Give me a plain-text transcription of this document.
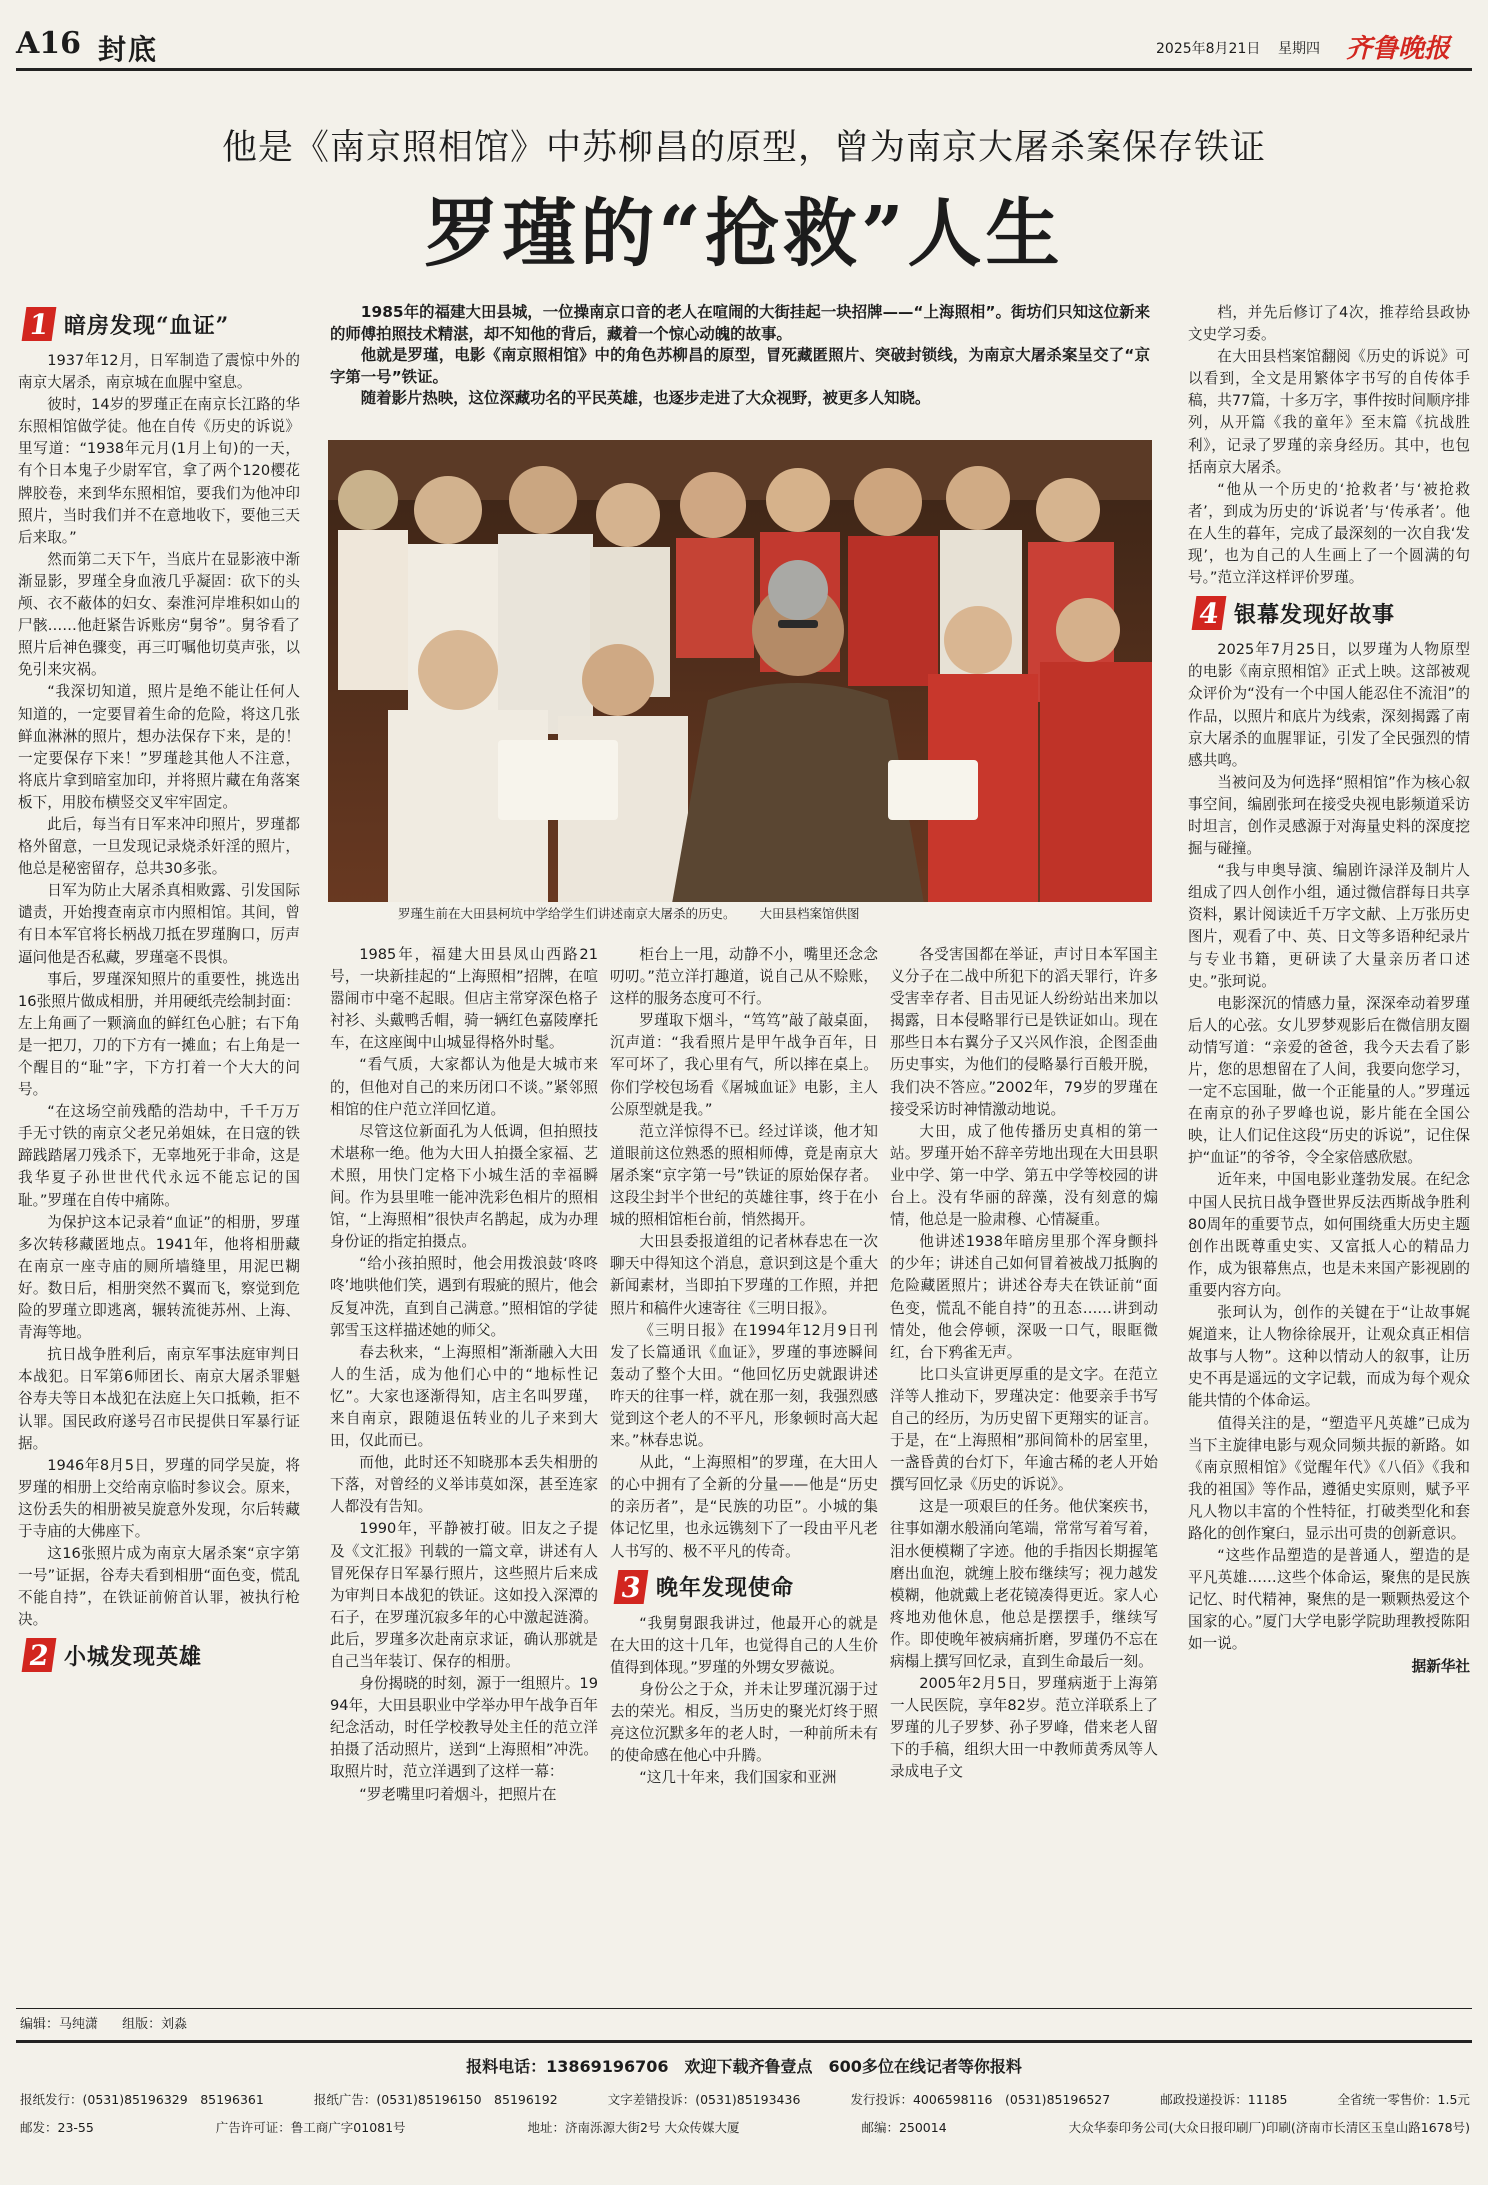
A16 封底	2025年8月21日 星期四 齐鲁晚报
他是《南京照相馆》中苏柳昌的原型，曾为南京大屠杀案保存铁证
罗瑾的“抢救”人生
1 暗房发现“血证”

1937年12月，日军制造了震惊中外的南京大屠杀，南京城在血腥中窒息。

彼时，14岁的罗瑾正在南京长江路的华东照相馆做学徒。他在自传《历史的诉说》里写道：“1938年元月(1月上旬)的一天，有个日本鬼子少尉军官，拿了两个120樱花牌胶卷，来到华东照相馆，要我们为他冲印照片，当时我们并不在意地收下，要他三天后来取。”

然而第二天下午，当底片在显影液中渐渐显影，罗瑾全身血液几乎凝固：砍下的头颅、衣不蔽体的妇女、秦淮河岸堆积如山的尸骸……他赶紧告诉账房“舅爷”。舅爷看了照片后神色骤变，再三叮嘱他切莫声张，以免引来灾祸。

“我深切知道，照片是绝不能让任何人知道的，一定要冒着生命的危险，将这几张鲜血淋淋的照片，想办法保存下来，是的！一定要保存下来！”罗瑾趁其他人不注意，将底片拿到暗室加印，并将照片藏在角落案板下，用胶布横竖交叉牢牢固定。

此后，每当有日军来冲印照片，罗瑾都格外留意，一旦发现记录烧杀奸淫的照片，他总是秘密留存，总共30多张。

日军为防止大屠杀真相败露、引发国际谴责，开始搜查南京市内照相馆。其间，曾有日本军官将长柄战刀抵在罗瑾胸口，厉声逼问他是否私藏，罗瑾毫不畏惧。

事后，罗瑾深知照片的重要性，挑选出16张照片做成相册，并用硬纸壳绘制封面：左上角画了一颗滴血的鲜红色心脏；右下角是一把刀，刀的下方有一摊血；右上角是一个醒目的“耻”字，下方打着一个大大的问号。

“在这场空前残酷的浩劫中，千千万万手无寸铁的南京父老兄弟姐妹，在日寇的铁蹄践踏屠刀残杀下，无辜地死于非命，这是我华夏子孙世世代代永远不能忘记的国耻。”罗瑾在自传中痛陈。

为保护这本记录着“血证”的相册，罗瑾多次转移藏匿地点。1941年，他将相册藏在南京一座寺庙的厕所墙缝里，用泥巴糊好。数日后，相册突然不翼而飞，察觉到危险的罗瑾立即逃离，辗转流徙苏州、上海、青海等地。

抗日战争胜利后，南京军事法庭审判日本战犯。日军第6师团长、南京大屠杀罪魁谷寿夫等日本战犯在法庭上矢口抵赖，拒不认罪。国民政府遂号召市民提供日军暴行证据。

1946年8月5日，罗瑾的同学吴旋，将罗瑾的相册上交给南京临时参议会。原来，这份丢失的相册被吴旋意外发现，尔后转藏于寺庙的大佛座下。

这16张照片成为南京大屠杀案“京字第一号”证据，谷寿夫看到相册“面色变，慌乱不能自持”，在铁证前俯首认罪，被执行枪决。

2 小城发现英雄

1985年的福建大田县城，一位操南京口音的老人在喧闹的大街挂起一块招牌——“上海照相”。街坊们只知这位新来的师傅拍照技术精湛，却不知他的背后，藏着一个惊心动魄的故事。

他就是罗瑾，电影《南京照相馆》中的角色苏柳昌的原型，冒死藏匿照片、突破封锁线，为南京大屠杀案呈交了“京字第一号”铁证。

随着影片热映，这位深藏功名的平民英雄，也逐步走进了大众视野，被更多人知晓。

罗瑾生前在大田县柯坑中学给学生们讲述南京大屠杀的历史。 大田县档案馆供图

1985年，福建大田县凤山西路21号，一块新挂起的“上海照相”招牌，在喧嚣闹市中毫不起眼。但店主常穿深色格子衬衫、头戴鸭舌帽，骑一辆红色嘉陵摩托车，在这座闽中山城显得格外时髦。

“看气质，大家都认为他是大城市来的，但他对自己的来历闭口不谈。”紧邻照相馆的住户范立洋回忆道。

尽管这位新面孔为人低调，但拍照技术堪称一绝。他为大田人拍摄全家福、艺术照，用快门定格下小城生活的幸福瞬间。作为县里唯一能冲洗彩色相片的照相馆，“上海照相”很快声名鹊起，成为办理身份证的指定拍摄点。

“给小孩拍照时，他会用拨浪鼓‘咚咚咚’地哄他们笑，遇到有瑕疵的照片，他会反复冲洗，直到自己满意。”照相馆的学徒郭雪玉这样描述她的师父。

春去秋来，“上海照相”渐渐融入大田人的生活，成为他们心中的“地标性记忆”。大家也逐渐得知，店主名叫罗瑾，来自南京，跟随退伍转业的儿子来到大田，仅此而已。

而他，此时还不知晓那本丢失相册的下落，对曾经的义举讳莫如深，甚至连家人都没有告知。

1990年，平静被打破。旧友之子提及《文汇报》刊载的一篇文章，讲述有人冒死保存日军暴行照片，这些照片后来成为审判日本战犯的铁证。这如投入深潭的石子，在罗瑾沉寂多年的心中激起涟漪。此后，罗瑾多次赴南京求证，确认那就是自己当年装订、保存的相册。

身份揭晓的时刻，源于一组照片。1994年，大田县职业中学举办甲午战争百年纪念活动，时任学校教导处主任的范立洋拍摄了活动照片，送到“上海照相”冲洗。取照片时，范立洋遇到了这样一幕：

“罗老嘴里叼着烟斗，把照片在

柜台上一甩，动静不小，嘴里还念念叨叨。”范立洋打趣道，说自己从不赊账，这样的服务态度可不行。

罗瑾取下烟斗，“笃笃”敲了敲桌面，沉声道：“我看照片是甲午战争百年，日军可坏了，我心里有气，所以摔在桌上。你们学校包场看《屠城血证》电影，主人公原型就是我。”

范立洋惊得不已。经过详谈，他才知道眼前这位熟悉的照相师傅，竟是南京大屠杀案“京字第一号”铁证的原始保存者。这段尘封半个世纪的英雄往事，终于在小城的照相馆柜台前，悄然揭开。

大田县委报道组的记者林春忠在一次聊天中得知这个消息，意识到这是个重大新闻素材，当即拍下罗瑾的工作照，并把照片和稿件火速寄往《三明日报》。

《三明日报》在1994年12月9日刊发了长篇通讯《血证》，罗瑾的事迹瞬间轰动了整个大田。“他回忆历史就跟讲述昨天的往事一样，就在那一刻，我强烈感觉到这个老人的不平凡，形象顿时高大起来。”林春忠说。

从此，“上海照相”的罗瑾，在大田人的心中拥有了全新的分量——他是“历史的亲历者”，是“民族的功臣”。小城的集体记忆里，也永远镌刻下了一段由平凡老人书写的、极不平凡的传奇。

3 晚年发现使命

“我舅舅跟我讲过，他最开心的就是在大田的这十几年，也觉得自己的人生价值得到体现。”罗瑾的外甥女罗薇说。

身份公之于众，并未让罗瑾沉溺于过去的荣光。相反，当历史的聚光灯终于照亮这位沉默多年的老人时，一种前所未有的使命感在他心中升腾。

“这几十年来，我们国家和亚洲

各受害国都在举证，声讨日本军国主义分子在二战中所犯下的滔天罪行，许多受害幸存者、目击见证人纷纷站出来加以揭露，日本侵略罪行已是铁证如山。现在那些日本右翼分子又兴风作浪，企图歪曲历史事实，为他们的侵略暴行百般开脱，我们决不答应。”2002年，79岁的罗瑾在接受采访时神情激动地说。

大田，成了他传播历史真相的第一站。罗瑾开始不辞辛劳地出现在大田县职业中学、第一中学、第五中学等校园的讲台上。没有华丽的辞藻，没有刻意的煽情，他总是一脸肃穆、心情凝重。

他讲述1938年暗房里那个浑身颤抖的少年；讲述自己如何冒着被战刀抵胸的危险藏匿照片；讲述谷寿夫在铁证前“面色变，慌乱不能自持”的丑态……讲到动情处，他会停顿，深吸一口气，眼眶微红，台下鸦雀无声。

比口头宣讲更厚重的是文字。在范立洋等人推动下，罗瑾决定：他要亲手书写自己的经历，为历史留下更翔实的证言。于是，在“上海照相”那间简朴的居室里，一盏昏黄的台灯下，年逾古稀的老人开始撰写回忆录《历史的诉说》。

这是一项艰巨的任务。他伏案疾书，往事如潮水般涌向笔端，常常写着写着，泪水便模糊了字迹。他的手指因长期握笔磨出血泡，就缠上胶布继续写；视力越发模糊，他就戴上老花镜凑得更近。家人心疼地劝他休息，他总是摆摆手，继续写作。即使晚年被病痛折磨，罗瑾仍不忘在病榻上撰写回忆录，直到生命最后一刻。

2005年2月5日，罗瑾病逝于上海第一人民医院，享年82岁。范立洋联系上了罗瑾的儿子罗梦、孙子罗峰，借来老人留下的手稿，组织大田一中教师黄秀凤等人录成电子文

档，并先后修订了4次，推荐给县政协文史学习委。

在大田县档案馆翻阅《历史的诉说》可以看到，全文是用繁体字书写的自传体手稿，共77篇，十多万字，事件按时间顺序排列，从开篇《我的童年》至末篇《抗战胜利》，记录了罗瑾的亲身经历。其中，也包括南京大屠杀。

“他从一个历史的‘抢救者’与‘被抢救者’，到成为历史的‘诉说者’与‘传承者’。他在人生的暮年，完成了最深刻的一次自我‘发现’，也为自己的人生画上了一个圆满的句号。”范立洋这样评价罗瑾。

4 银幕发现好故事

2025年7月25日，以罗瑾为人物原型的电影《南京照相馆》正式上映。这部被观众评价为“没有一个中国人能忍住不流泪”的作品，以照片和底片为线索，深刻揭露了南京大屠杀的血腥罪证，引发了全民强烈的情感共鸣。

当被问及为何选择“照相馆”作为核心叙事空间，编剧张珂在接受央视电影频道采访时坦言，创作灵感源于对海量史料的深度挖掘与碰撞。

“我与申奥导演、编剧许渌洋及制片人组成了四人创作小组，通过微信群每日共享资料，累计阅读近千万字文献、上万张历史图片，观看了中、英、日文等多语种纪录片与专业书籍，更研读了大量亲历者口述史。”张珂说。

电影深沉的情感力量，深深牵动着罗瑾后人的心弦。女儿罗梦观影后在微信朋友圈动情写道：“亲爱的爸爸，我今天去看了影片，您的思想留在了人间，我要向您学习，一定不忘国耻，做一个正能量的人。”罗瑾远在南京的孙子罗峰也说，影片能在全国公映，让人们记住这段“历史的诉说”，记住保护“血证”的爷爷，令全家倍感欣慰。

近年来，中国电影业蓬勃发展。在纪念中国人民抗日战争暨世界反法西斯战争胜利80周年的重要节点，如何围绕重大历史主题创作出既尊重史实、又富抵人心的精品力作，成为银幕焦点，也是未来国产影视剧的重要内容方向。

张珂认为，创作的关键在于“让故事娓娓道来，让人物徐徐展开，让观众真正相信故事与人物”。这种以情动人的叙事，让历史不再是遥远的文字记载，而成为每个观众能共情的个体命运。

值得关注的是，“塑造平凡英雄”已成为当下主旋律电影与观众同频共振的新路。如《南京照相馆》《觉醒年代》《八佰》《我和我的祖国》等作品，遵循史实原则，赋予平凡人物以丰富的个性特征，打破类型化和套路化的创作窠臼，显示出可贵的创新意识。

“这些作品塑造的是普通人，塑造的是平凡英雄……这些个体命运，聚焦的是民族记忆、时代精神，聚焦的是一颗颗热爱这个国家的心。”厦门大学电影学院助理教授陈阳如一说。

据新华社
编辑：马纯潇 组版：刘淼
报料电话：13869196706　欢迎下载齐鲁壹点　600多位在线记者等你报料
报纸发行：(0531)85196329　85196361	报纸广告：(0531)85196150　85196192	文字差错投诉：(0531)85193436	发行投诉：4006598116　(0531)85196527	邮政投递投诉：11185	全省统一零售价：1.5元
邮发：23-55	广告许可证：鲁工商广字01081号	地址：济南泺源大街2号 大众传媒大厦	邮编：250014	大众华泰印务公司(大众日报印刷厂)印刷(济南市长清区玉皇山路1678号)
